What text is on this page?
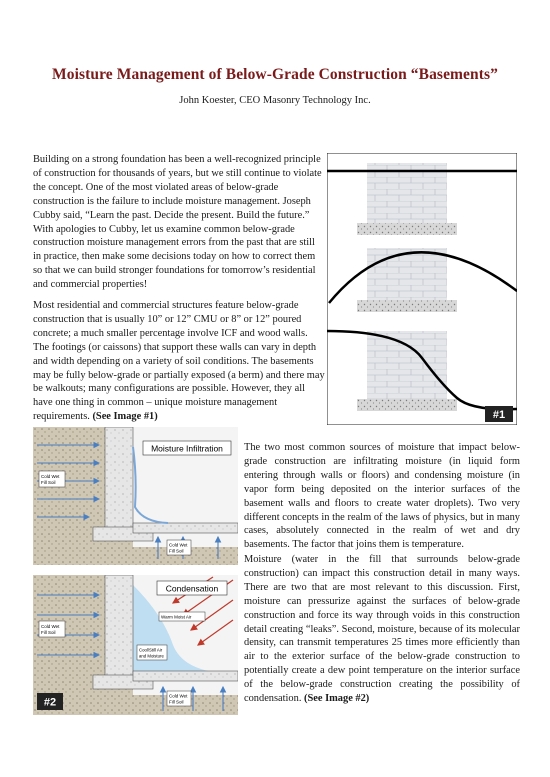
Moisture Management of Below-Grade Construction “Basements”
John Koester, CEO Masonry Technology Inc.

Building on a strong foundation has been a well-recognized principle of construction for thousands of years, but we still continue to violate the concept. One of the most violated areas of below-grade construction is the failure to include moisture management. Joseph Cubby said, “Learn the past. Decide the present. Build the future.” With apologies to Cubby, let us examine common below-grade construction moisture management errors from the past that are still in practice, then make some decisions today on how to correct them so that we can build stronger foundations for tomorrow’s residential and commercial properties!

Most residential and commercial structures feature below-grade construction that is usually 10” or 12” CMU or 8” or 12” poured concrete; a much smaller percentage involve ICF and wood walls. The footings (or caissons) that support these walls can vary in depth and width depending on a variety of soil conditions. The basements may be fully below-grade or partially exposed (a berm) and there may be walkouts; many configurations are possible. However, they all have one thing in common – unique moisture management requirements. (See Image #1)	#1

The two most common sources of moisture that impact below-grade construction are infiltrating moisture (in liquid form entering through walls or floors) and condensing moisture (in vapor form being deposited on the interior surfaces of the basement walls and floors to create water droplets). Two very different concepts in the realm of the laws of physics, but in many cases, absolutely connected in the realm of wet and dry basements. The factor that joins them is temperature.

Moisture (water in the fill that surrounds below-grade construction) can impact this construction detail in many ways. There are two that are most relevant to this discussion. First, moisture can pressurize against the surfaces of below-grade construction and force its way through voids in this construction detail creating “leaks”. Second, moisture, because of its molecular density, can transmit temperatures 25 times more efficiently than air to the exterior surface of the below-grade construction to potentially create a dew point temperature on the interior surface of the below-grade construction creating the possibility of condensation. (See Image #2)

Moisture Infiltration
Cold Wet
Fill Soil
Cold Wet
Fill Soil
Condensation
Warm Moist Air
Cool/Still Air
and Moisture
Cold Wet
Fill Soil
Cold Wet
Fill Soil
#2
